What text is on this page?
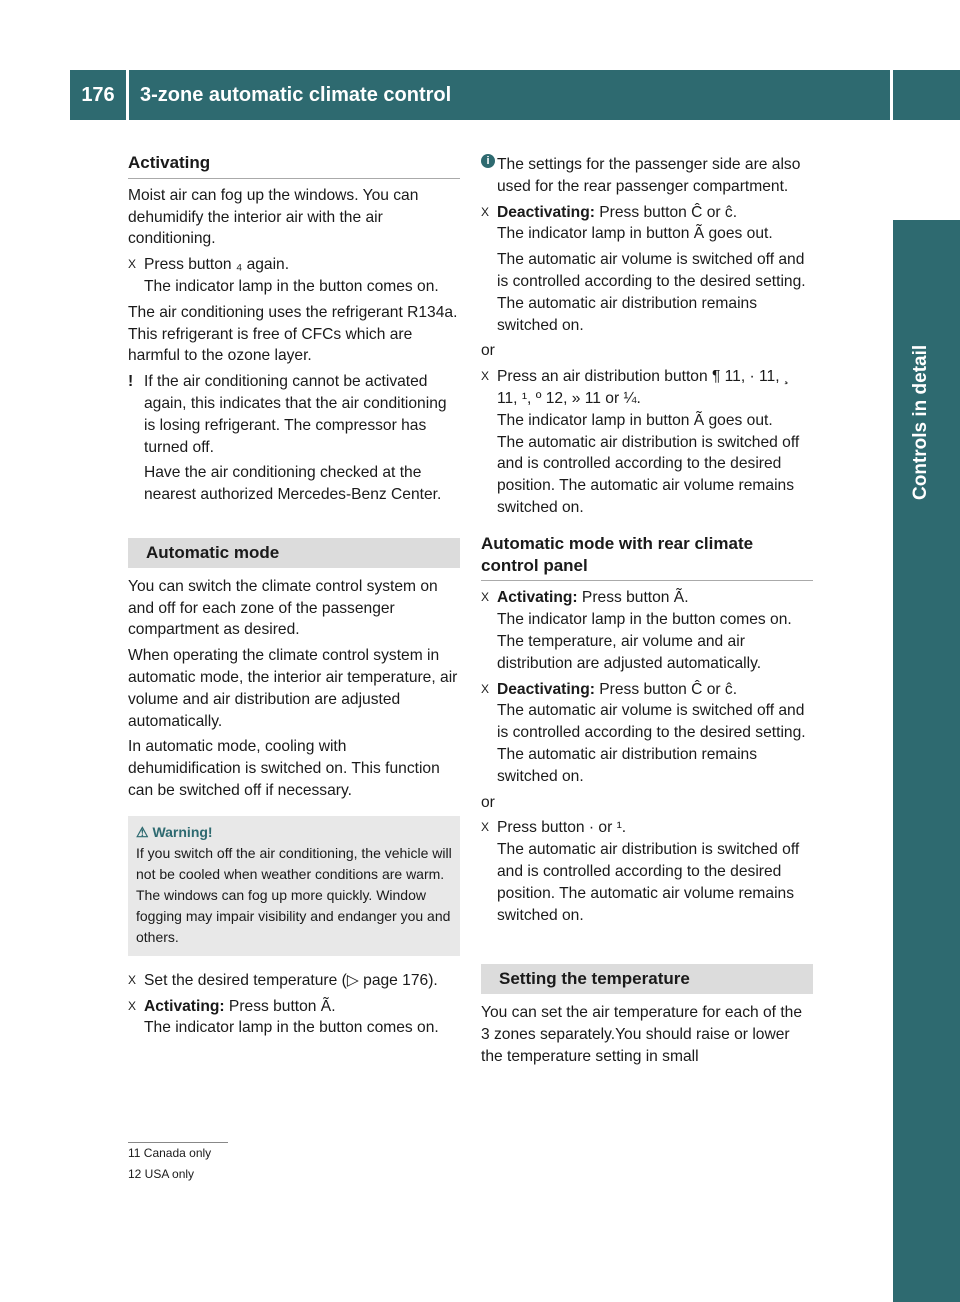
176	3-zone automatic climate control
Controls in detail
Activating

Moist air can fog up the windows. You can dehumidify the interior air with the air conditioning.

X Press button ₄ again.
The indicator lamp in the button comes on.

The air conditioning uses the refrigerant R134a. This refrigerant is free of CFCs which are harmful to the ozone layer.

! If the air conditioning cannot be activated again, this indicates that the air conditioning is losing refrigerant. The compressor has turned off.
Have the air conditioning checked at the nearest authorized Mercedes-Benz Center.
Automatic mode

You can switch the climate control system on and off for each zone of the passenger compartment as desired.

When operating the climate control system in automatic mode, the interior air temperature, air volume and air distribution are adjusted automatically.

In automatic mode, cooling with dehumidification is switched on. This function can be switched off if necessary.

⚠ Warning!
If you switch off the air conditioning, the vehicle will not be cooled when weather conditions are warm. The windows can fog up more quickly. Window fogging may impair visibility and endanger you and others.
X Set the desired temperature (▷ page 176).
X Activating: Press button Ã.
The indicator lamp in the button comes on.
i The settings for the passenger side are also used for the rear passenger compartment.
X Deactivating: Press button Ĉ or ĉ.
The indicator lamp in button Ã goes out.
The automatic air volume is switched off and is controlled according to the desired setting. The automatic air distribution remains switched on.

or

X Press an air distribution button ¶ 11, · 11, ¸ 11, ¹, º 12, » 11 or ¼.
The indicator lamp in button Ã goes out.
The automatic air distribution is switched off and is controlled according to the desired position. The automatic air volume remains switched on.
Automatic mode with rear climate control panel
X Activating: Press button Ã.
The indicator lamp in the button comes on. The temperature, air volume and air distribution are adjusted automatically.
X Deactivating: Press button Ĉ or ĉ.
The automatic air volume is switched off and is controlled according to the desired setting. The automatic air distribution remains switched on.

or

X Press button · or ¹.
The automatic air distribution is switched off and is controlled according to the desired position. The automatic air volume remains switched on.
Setting the temperature

You can set the air temperature for each of the 3 zones separately.You should raise or lower the temperature setting in small

11 Canada only
12 USA only
